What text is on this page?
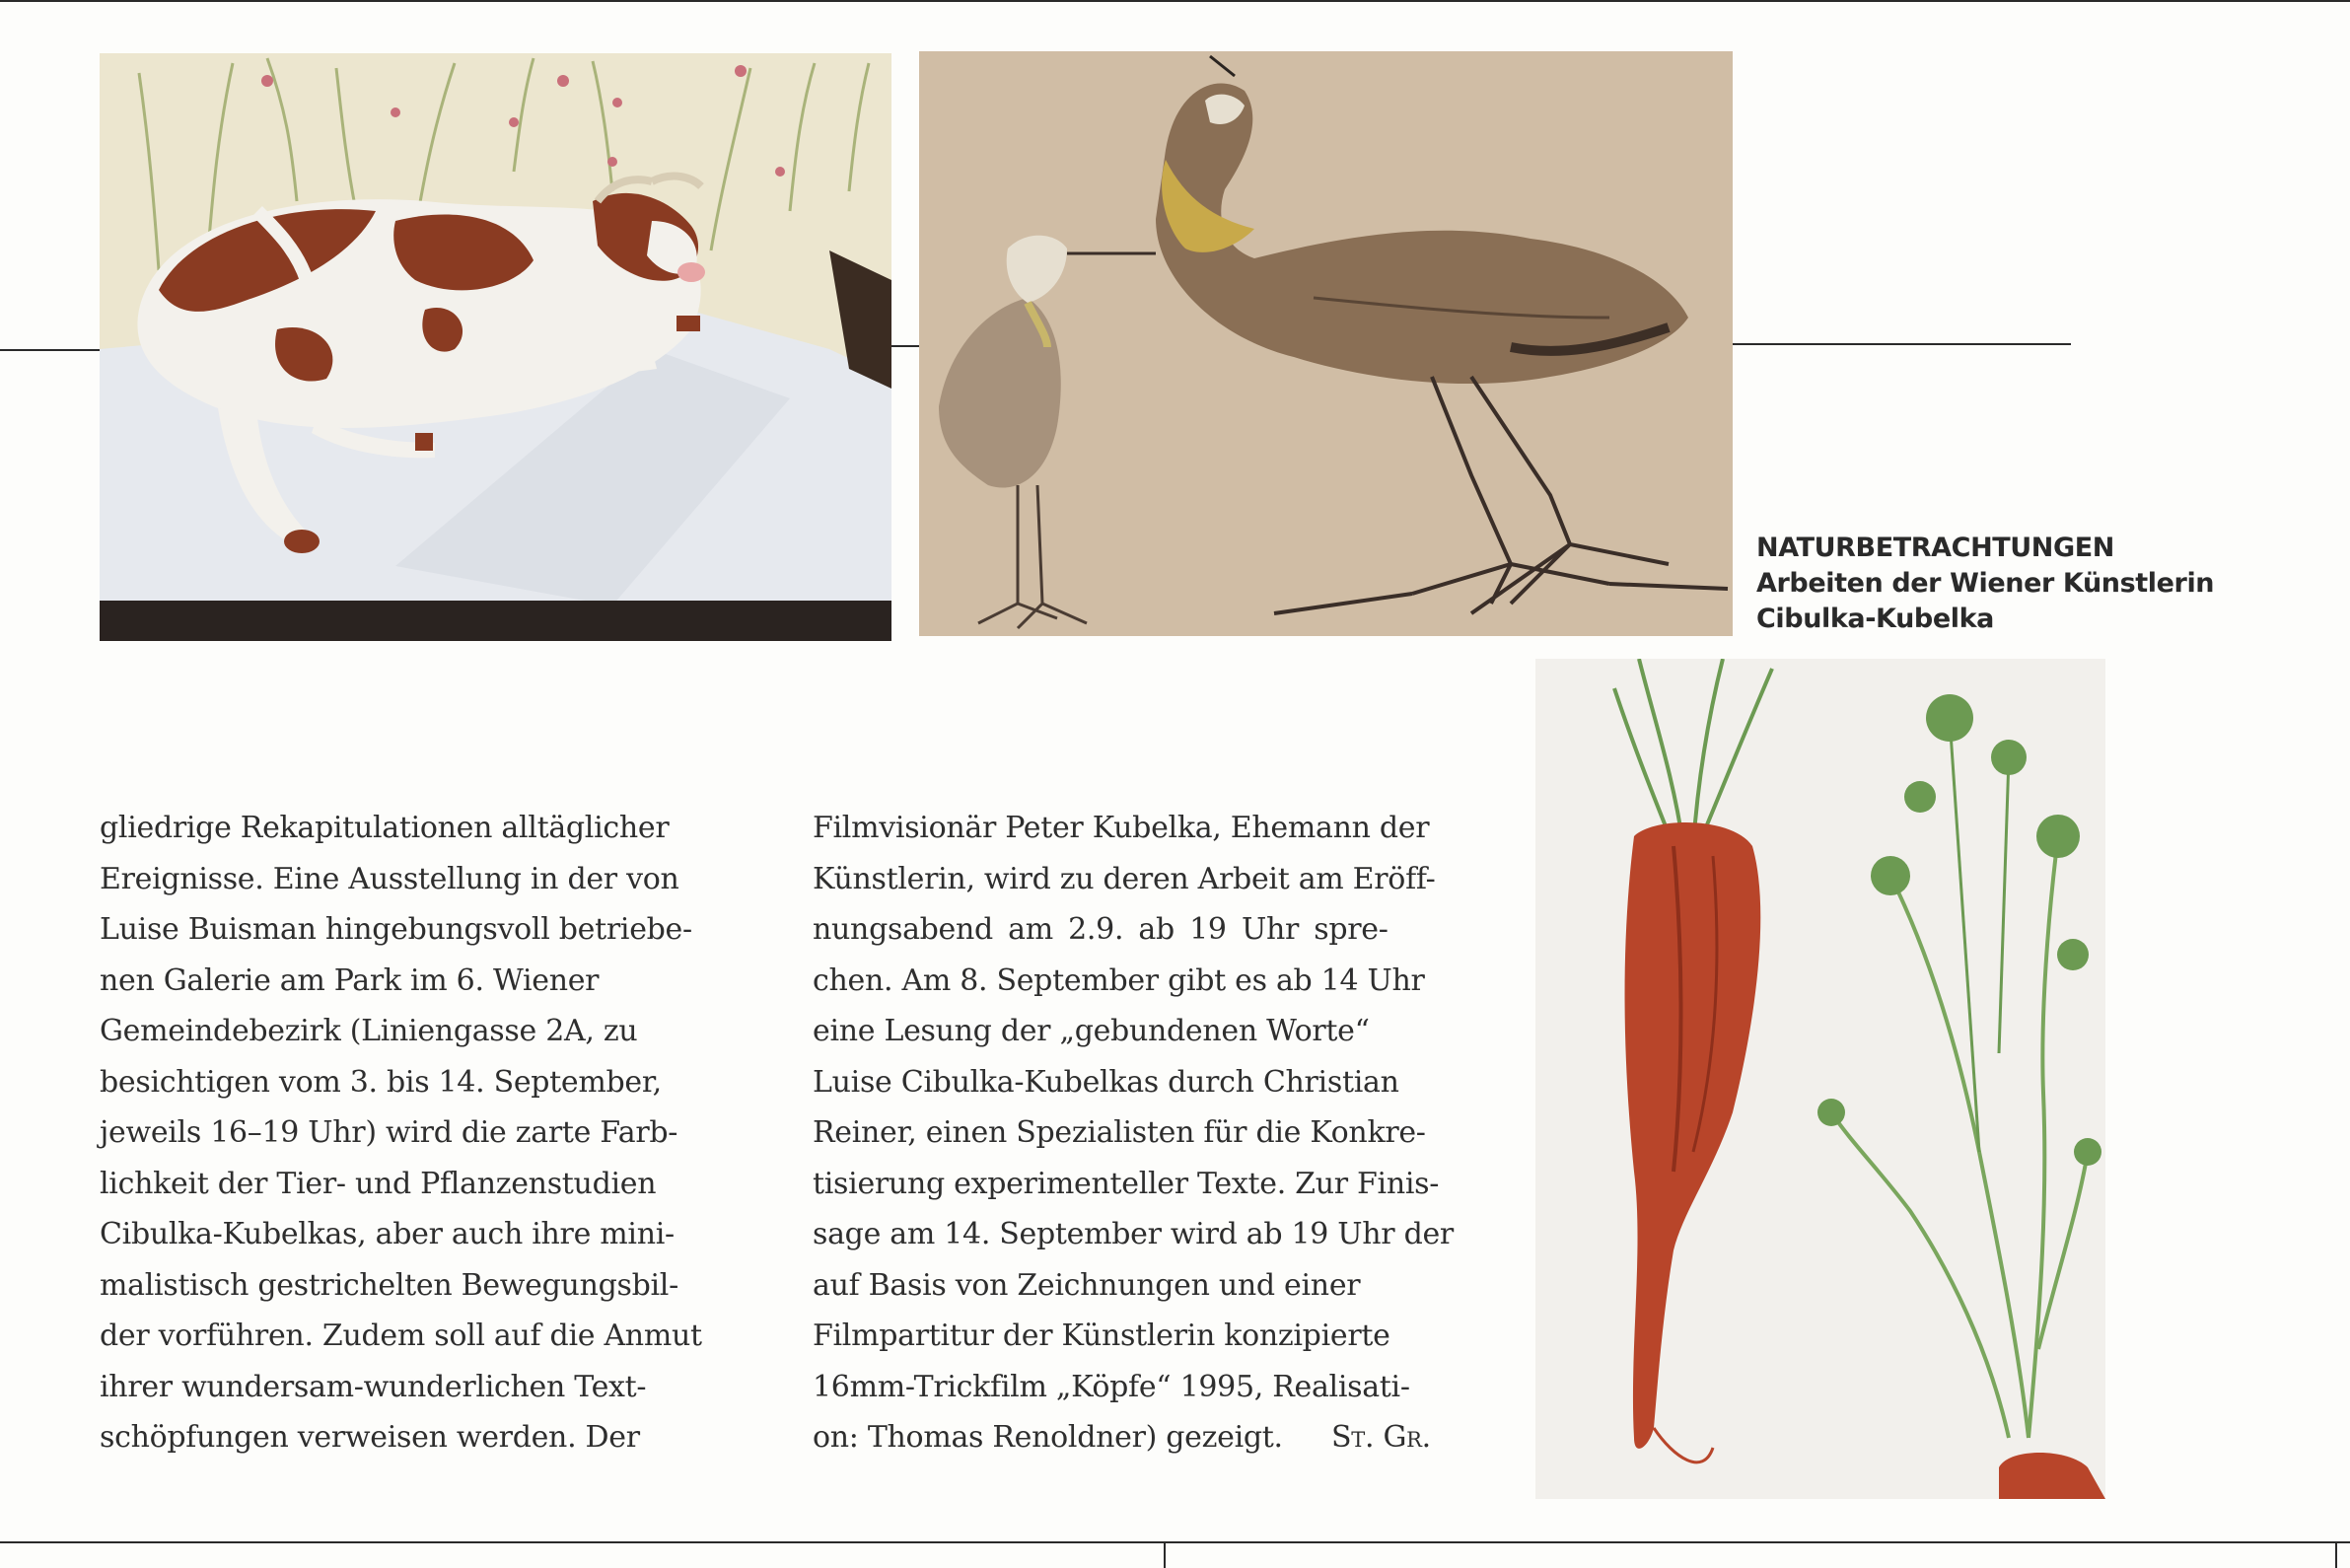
NATURBETRACHTUNGEN
Arbeiten der Wiener Künstlerin
Cibulka-Kubelka
gliedrige Rekapitulationen alltäglicher
Ereignisse. Eine Ausstellung in der von
Luise Buisman hingebungsvoll betriebe-
nen Galerie am Park im 6. Wiener
Gemeindebezirk (Liniengasse 2A, zu
besichtigen vom 3. bis 14. September,
jeweils 16–19 Uhr) wird die zarte Farb-
lichkeit der Tier- und Pflanzenstudien
Cibulka-Kubelkas, aber auch ihre mini-
malistisch gestrichelten Bewegungsbil-
der vorführen. Zudem soll auf die Anmut
ihrer wundersam-wunderlichen Text-
schöpfungen verweisen werden. Der
Filmvisionär Peter Kubelka, Ehemann der
Künstlerin, wird zu deren Arbeit am Eröff-
nungsabend am 2.9. ab 19 Uhr spre-
chen. Am 8. September gibt es ab 14 Uhr
eine Lesung der „gebundenen Worte“
Luise Cibulka-Kubelkas durch Christian
Reiner, einen Spezialisten für die Konkre-
tisierung experimenteller Texte. Zur Finis-
sage am 14. September wird ab 19 Uhr der
auf Basis von Zeichnungen und einer
Filmpartitur der Künstlerin konzipierte
16mm-Trickfilm „Köpfe“ 1995, Realisati-
on: Thomas Renoldner) gezeigt. St. Gr.
